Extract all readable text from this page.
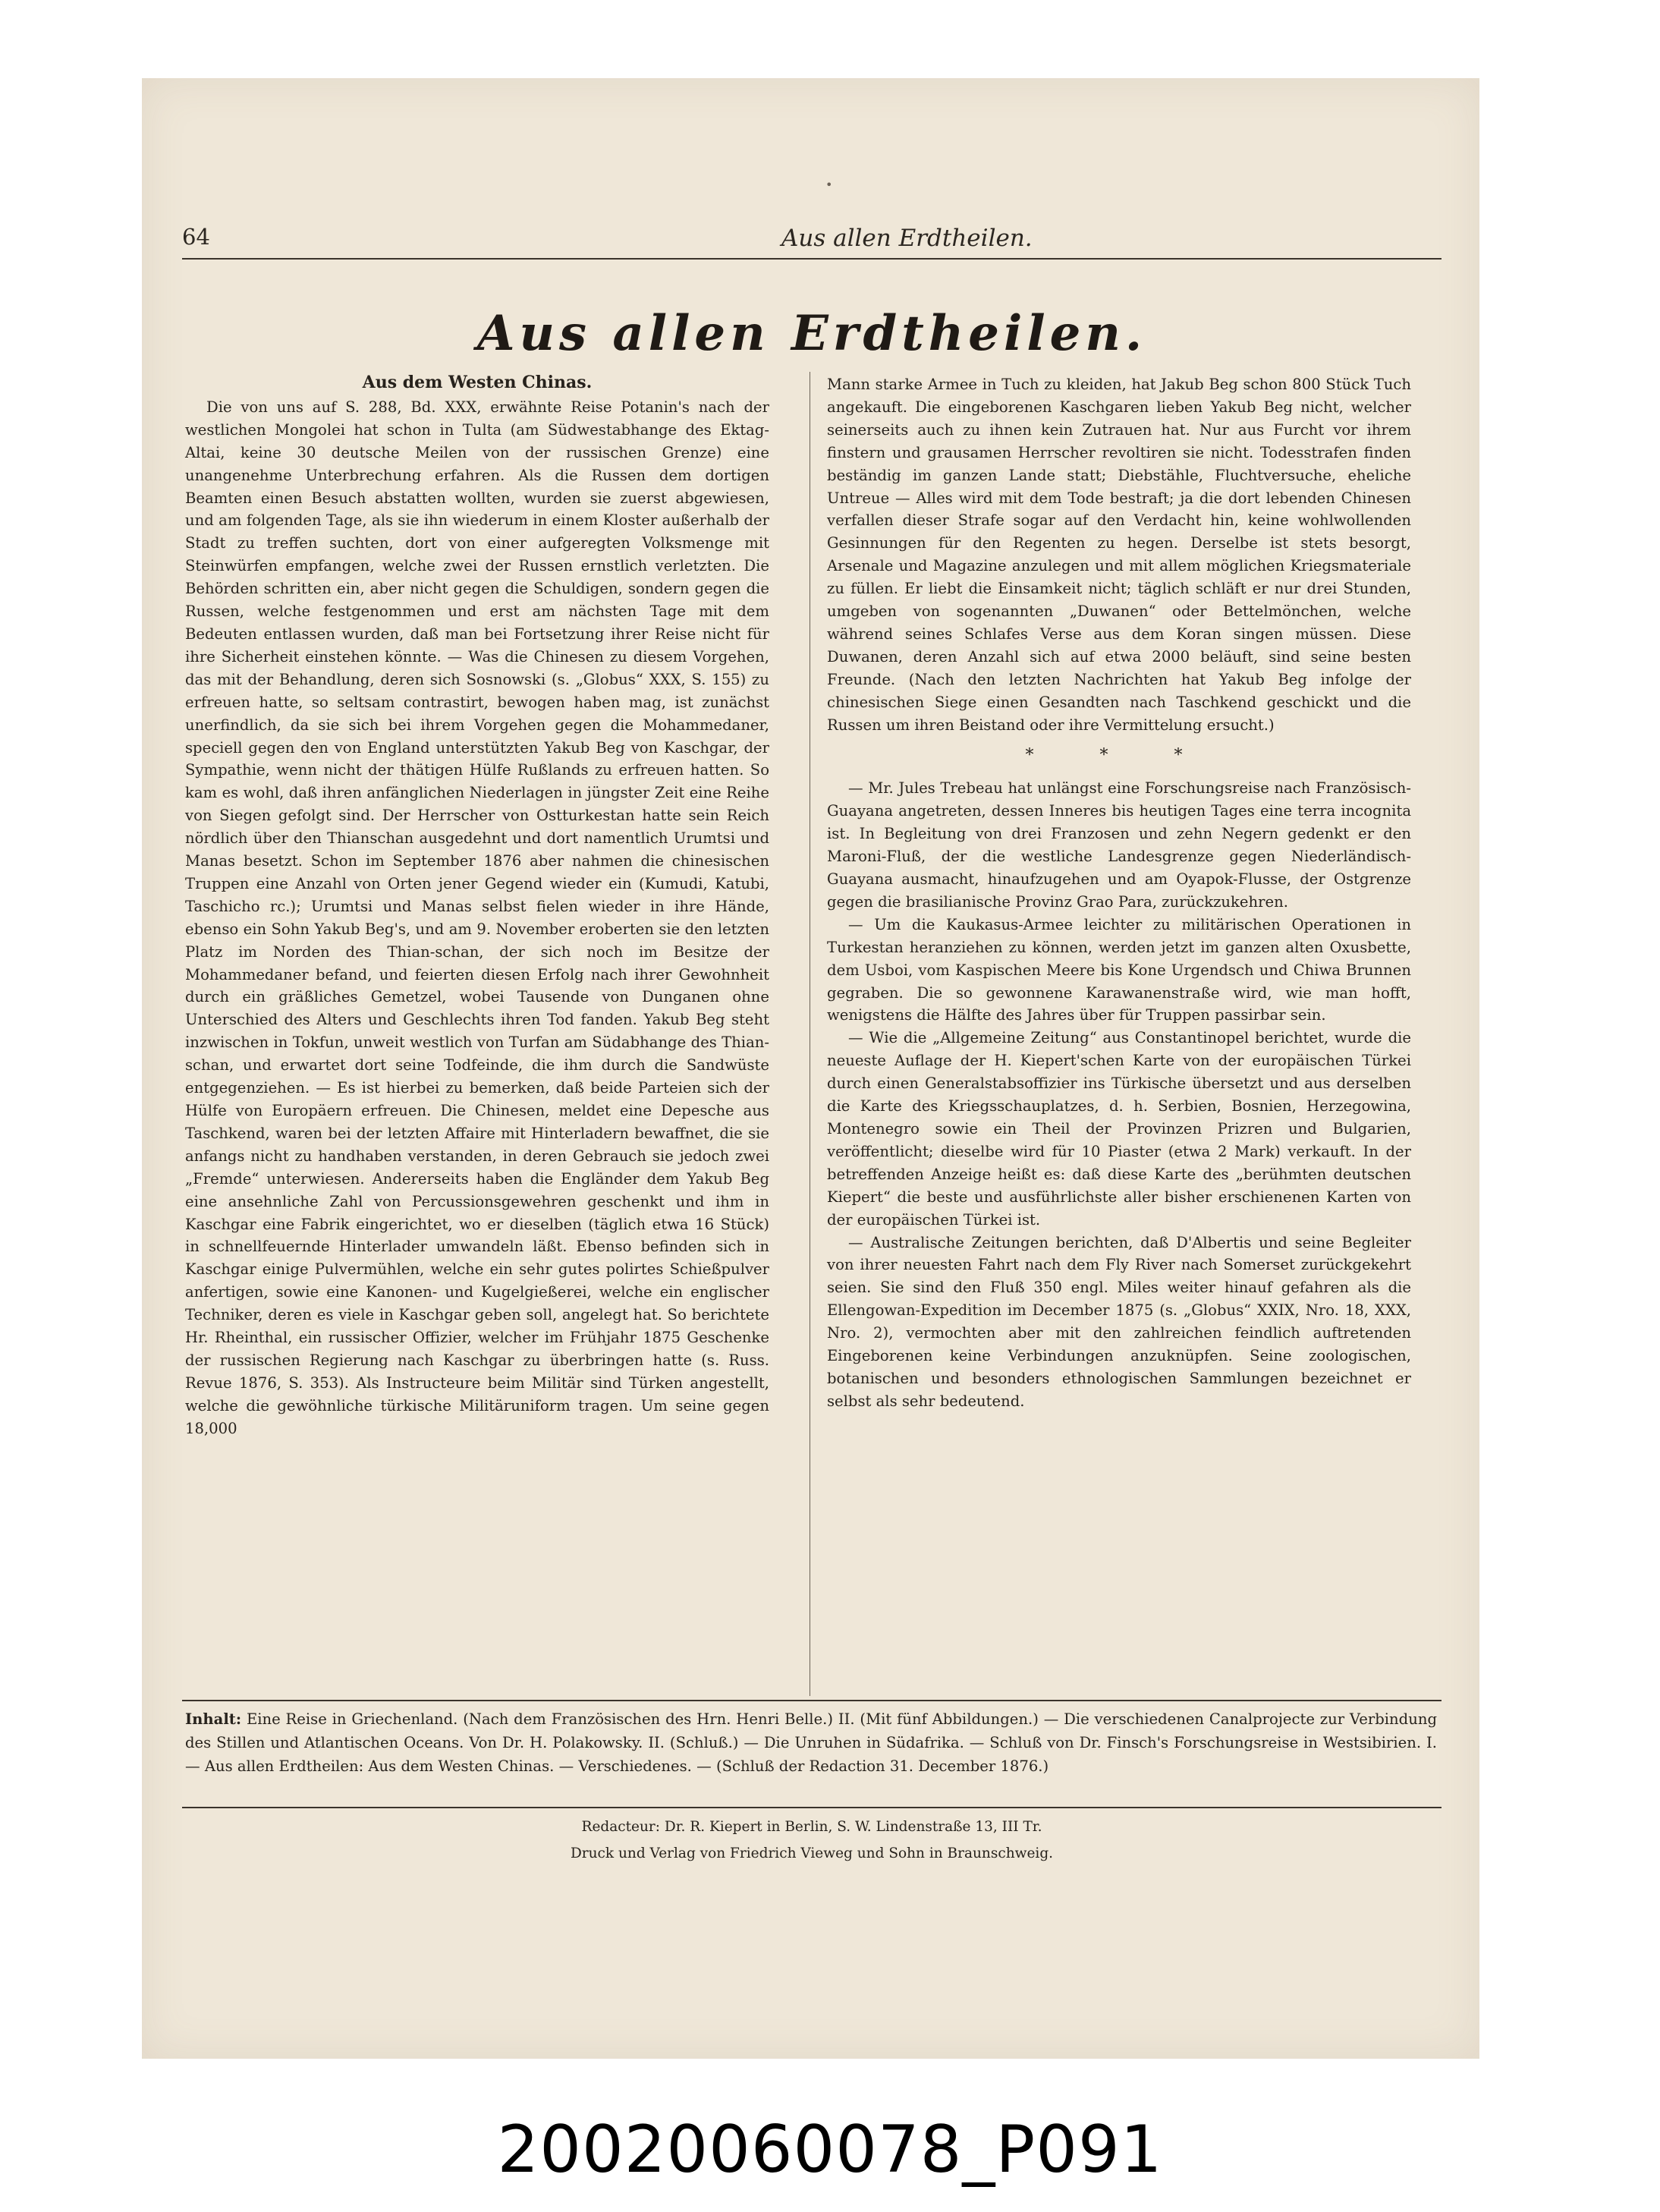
•
64	Aus allen Erdtheilen.
Aus allen Erdtheilen.
Aus dem Westen Chinas.

Die von uns auf S. 288, Bd. XXX, erwähnte Reise Potanin's nach der westlichen Mongolei hat schon in Tulta (am Südwestabhange des Ektag-Altai, keine 30 deutsche Meilen von der russischen Grenze) eine unangenehme Unterbrechung erfahren. Als die Russen dem dortigen Beamten einen Besuch abstatten wollten, wurden sie zuerst abgewiesen, und am folgenden Tage, als sie ihn wiederum in einem Kloster außerhalb der Stadt zu treffen suchten, dort von einer aufgeregten Volksmenge mit Steinwürfen empfangen, welche zwei der Russen ernstlich verletzten. Die Behörden schritten ein, aber nicht gegen die Schuldigen, sondern gegen die Russen, welche festgenommen und erst am nächsten Tage mit dem Bedeuten entlassen wurden, daß man bei Fortsetzung ihrer Reise nicht für ihre Sicherheit einstehen könnte. — Was die Chinesen zu diesem Vorgehen, das mit der Behandlung, deren sich Sosnowski (s. „Globus“ XXX, S. 155) zu erfreuen hatte, so seltsam contrastirt, bewogen haben mag, ist zunächst unerfindlich, da sie sich bei ihrem Vorgehen gegen die Mohammedaner, speciell gegen den von England unterstützten Yakub Beg von Kaschgar, der Sympathie, wenn nicht der thätigen Hülfe Rußlands zu erfreuen hatten. So kam es wohl, daß ihren anfänglichen Niederlagen in jüngster Zeit eine Reihe von Siegen gefolgt sind. Der Herrscher von Ostturkestan hatte sein Reich nördlich über den Thianschan ausgedehnt und dort namentlich Urumtsi und Manas besetzt. Schon im September 1876 aber nahmen die chinesischen Truppen eine Anzahl von Orten jener Gegend wieder ein (Kumudi, Katubi, Taschicho rc.); Urumtsi und Manas selbst fielen wieder in ihre Hände, ebenso ein Sohn Yakub Beg's, und am 9. November eroberten sie den letzten Platz im Norden des Thian-schan, der sich noch im Besitze der Mohammedaner befand, und feierten diesen Erfolg nach ihrer Gewohnheit durch ein gräßliches Gemetzel, wobei Tausende von Dunganen ohne Unterschied des Alters und Geschlechts ihren Tod fanden. Yakub Beg steht inzwischen in Tokfun, unweit westlich von Turfan am Südabhange des Thian-schan, und erwartet dort seine Todfeinde, die ihm durch die Sandwüste entgegenziehen. — Es ist hierbei zu bemerken, daß beide Parteien sich der Hülfe von Europäern erfreuen. Die Chinesen, meldet eine Depesche aus Taschkend, waren bei der letzten Affaire mit Hinterladern bewaffnet, die sie anfangs nicht zu handhaben verstanden, in deren Gebrauch sie jedoch zwei „Fremde“ unterwiesen. Andererseits haben die Engländer dem Yakub Beg eine ansehnliche Zahl von Percussionsgewehren geschenkt und ihm in Kaschgar eine Fabrik eingerichtet, wo er dieselben (täglich etwa 16 Stück) in schnellfeuernde Hinterlader umwandeln läßt. Ebenso befinden sich in Kaschgar einige Pulvermühlen, welche ein sehr gutes polirtes Schießpulver anfertigen, sowie eine Kanonen- und Kugelgießerei, welche ein englischer Techniker, deren es viele in Kaschgar geben soll, angelegt hat. So berichtete Hr. Rheinthal, ein russischer Offizier, welcher im Frühjahr 1875 Geschenke der russischen Regierung nach Kaschgar zu überbringen hatte (s. Russ. Revue 1876, S. 353). Als Instructeure beim Militär sind Türken angestellt, welche die gewöhnliche türkische Militäruniform tragen. Um seine gegen 18,000

Mann starke Armee in Tuch zu kleiden, hat Jakub Beg schon 800 Stück Tuch angekauft. Die eingeborenen Kaschgaren lieben Yakub Beg nicht, welcher seinerseits auch zu ihnen kein Zutrauen hat. Nur aus Furcht vor ihrem finstern und grausamen Herrscher revoltiren sie nicht. Todesstrafen finden beständig im ganzen Lande statt; Diebstähle, Fluchtversuche, eheliche Untreue — Alles wird mit dem Tode bestraft; ja die dort lebenden Chinesen verfallen dieser Strafe sogar auf den Verdacht hin, keine wohlwollenden Gesinnungen für den Regenten zu hegen. Derselbe ist stets besorgt, Arsenale und Magazine anzulegen und mit allem möglichen Kriegsmateriale zu füllen. Er liebt die Einsamkeit nicht; täglich schläft er nur drei Stunden, umgeben von sogenannten „Duwanen“ oder Bettelmönchen, welche während seines Schlafes Verse aus dem Koran singen müssen. Diese Duwanen, deren Anzahl sich auf etwa 2000 beläuft, sind seine besten Freunde. (Nach den letzten Nachrichten hat Yakub Beg infolge der chinesischen Siege einen Gesandten nach Taschkend geschickt und die Russen um ihren Beistand oder ihre Vermittelung ersucht.)

* * *

— Mr. Jules Trebeau hat unlängst eine Forschungsreise nach Französisch-Guayana angetreten, dessen Inneres bis heutigen Tages eine terra incognita ist. In Begleitung von drei Franzosen und zehn Negern gedenkt er den Maroni-Fluß, der die westliche Landesgrenze gegen Niederländisch-Guayana ausmacht, hinaufzugehen und am Oyapok-Flusse, der Ostgrenze gegen die brasilianische Provinz Grao Para, zurückzukehren.

— Um die Kaukasus-Armee leichter zu militärischen Operationen in Turkestan heranziehen zu können, werden jetzt im ganzen alten Oxusbette, dem Usboi, vom Kaspischen Meere bis Kone Urgendsch und Chiwa Brunnen gegraben. Die so gewonnene Karawanenstraße wird, wie man hofft, wenigstens die Hälfte des Jahres über für Truppen passirbar sein.

— Wie die „Allgemeine Zeitung“ aus Constantinopel berichtet, wurde die neueste Auflage der H. Kiepert'schen Karte von der europäischen Türkei durch einen Generalstabsoffizier ins Türkische übersetzt und aus derselben die Karte des Kriegsschauplatzes, d. h. Serbien, Bosnien, Herzegowina, Montenegro sowie ein Theil der Provinzen Prizren und Bulgarien, veröffentlicht; dieselbe wird für 10 Piaster (etwa 2 Mark) verkauft. In der betreffenden Anzeige heißt es: daß diese Karte des „berühmten deutschen Kiepert“ die beste und ausführlichste aller bisher erschienenen Karten von der europäischen Türkei ist.

— Australische Zeitungen berichten, daß D'Albertis und seine Begleiter von ihrer neuesten Fahrt nach dem Fly River nach Somerset zurückgekehrt seien. Sie sind den Fluß 350 engl. Miles weiter hinauf gefahren als die Ellengowan-Expedition im December 1875 (s. „Globus“ XXIX, Nro. 18, XXX, Nro. 2), vermochten aber mit den zahlreichen feindlich auftretenden Eingeborenen keine Verbindungen anzuknüpfen. Seine zoologischen, botanischen und besonders ethnologischen Sammlungen bezeichnet er selbst als sehr bedeutend.

Inhalt: Eine Reise in Griechenland. (Nach dem Französischen des Hrn. Henri Belle.) II. (Mit fünf Abbildungen.) — Die verschiedenen Canalprojecte zur Verbindung des Stillen und Atlantischen Oceans. Von Dr. H. Polakowsky. II. (Schluß.) — Die Unruhen in Südafrika. — Schluß von Dr. Finsch's Forschungsreise in Westsibirien. I. — Aus allen Erdtheilen: Aus dem Westen Chinas. — Verschiedenes. — (Schluß der Redaction 31. December 1876.)
Redacteur: Dr. R. Kiepert in Berlin, S. W. Lindenstraße 13, III Tr.
Druck und Verlag von Friedrich Vieweg und Sohn in Braunschweig.
20020060078_P091
